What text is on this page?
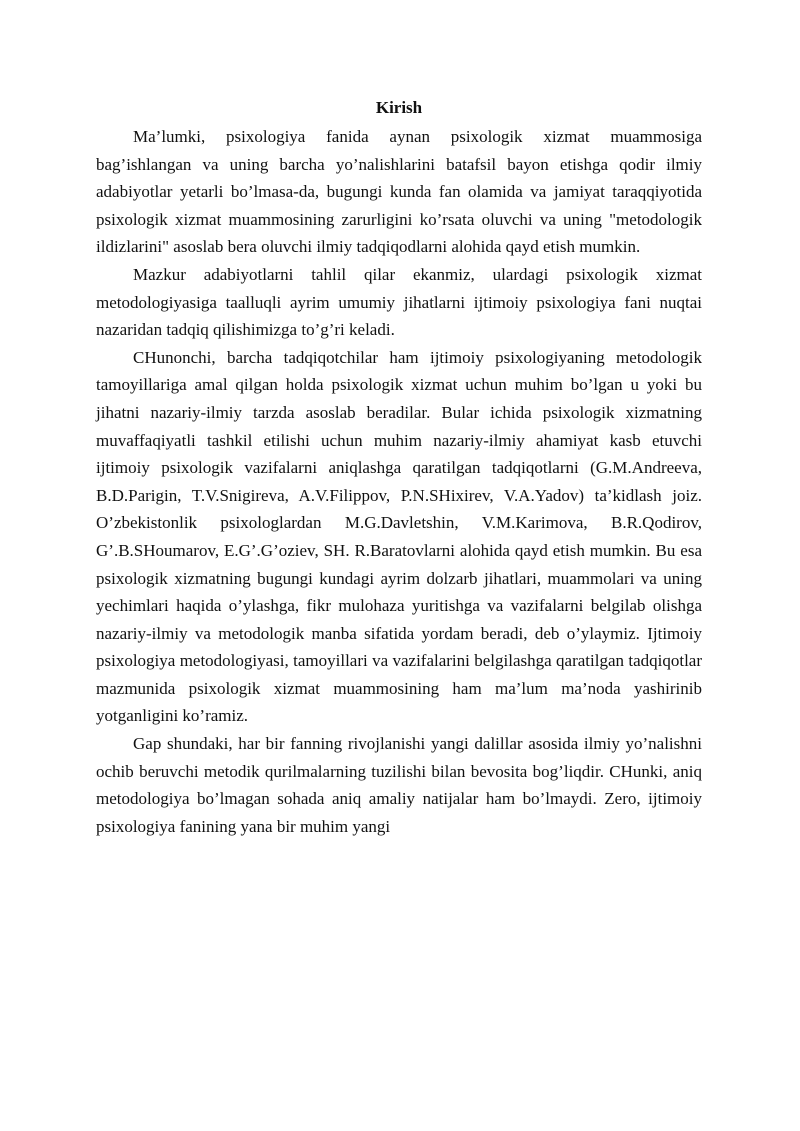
Kirish

Ma’lumki, psixologiya fanida aynan psixologik xizmat muammosiga bag’ishlangan va uning barcha yo’nalishlarini batafsil bayon etishga qodir ilmiy adabiyotlar yetarli bo’lmasa-da, bugungi kunda fan olamida va jamiyat taraqqiyotida psixologik xizmat muammosining zarurligini ko’rsata oluvchi va uning "metodologik ildizlarini" asoslab bera oluvchi ilmiy tadqiqodlarni alohida qayd etish mumkin.

Mazkur adabiyotlarni tahlil qilar ekanmiz, ulardagi psixologik xizmat metodologiyasiga taalluqli ayrim umumiy jihatlarni ijtimoiy psixologiya fani nuqtai nazaridan tadqiq qilishimizga to’g’ri keladi.

CHunonchi, barcha tadqiqotchilar ham ijtimoiy psixologiyaning metodologik tamoyillariga amal qilgan holda psixologik xizmat uchun muhim bo’lgan u yoki bu jihatni nazariy-ilmiy tarzda asoslab beradilar. Bular ichida psixologik xizmatning muvaffaqiyatli tashkil etilishi uchun muhim nazariy-ilmiy ahamiyat kasb etuvchi ijtimoiy psixologik vazifalarni aniqlashga qaratilgan tadqiqotlarni (G.M.Andreeva, B.D.Parigin, T.V.Snigireva, A.V.Filippov, P.N.SHixirev, V.A.Yadov) ta’kidlash joiz. O’zbekistonlik psixologlardan M.G.Davletshin, V.M.Karimova, B.R.Qodirov, G’.B.SHoumarov, E.G’.G’oziev, SH. R.Baratovlarni alohida qayd etish mumkin. Bu esa psixologik xizmatning bugungi kundagi ayrim dolzarb jihatlari, muammolari va uning yechimlari haqida o’ylashga, fikr mulohaza yuritishga va vazifalarni belgilab olishga nazariy-ilmiy va metodologik manba sifatida yordam beradi, deb o’ylaymiz. Ijtimoiy psixologiya metodologiyasi, tamoyillari va vazifalarini belgilashga qaratilgan tadqiqotlar mazmunida psixologik xizmat muammosining ham ma’lum ma’noda yashirinib yotganligini ko’ramiz.

Gap shundaki, har bir fanning rivojlanishi yangi dalillar asosida ilmiy yo’nalishni ochib beruvchi metodik qurilmalarning tuzilishi bilan bevosita bog’liqdir. CHunki, aniq metodologiya bo’lmagan sohada aniq amaliy natijalar ham bo’lmaydi. Zero, ijtimoiy psixologiya fanining yana bir muhim yangi
